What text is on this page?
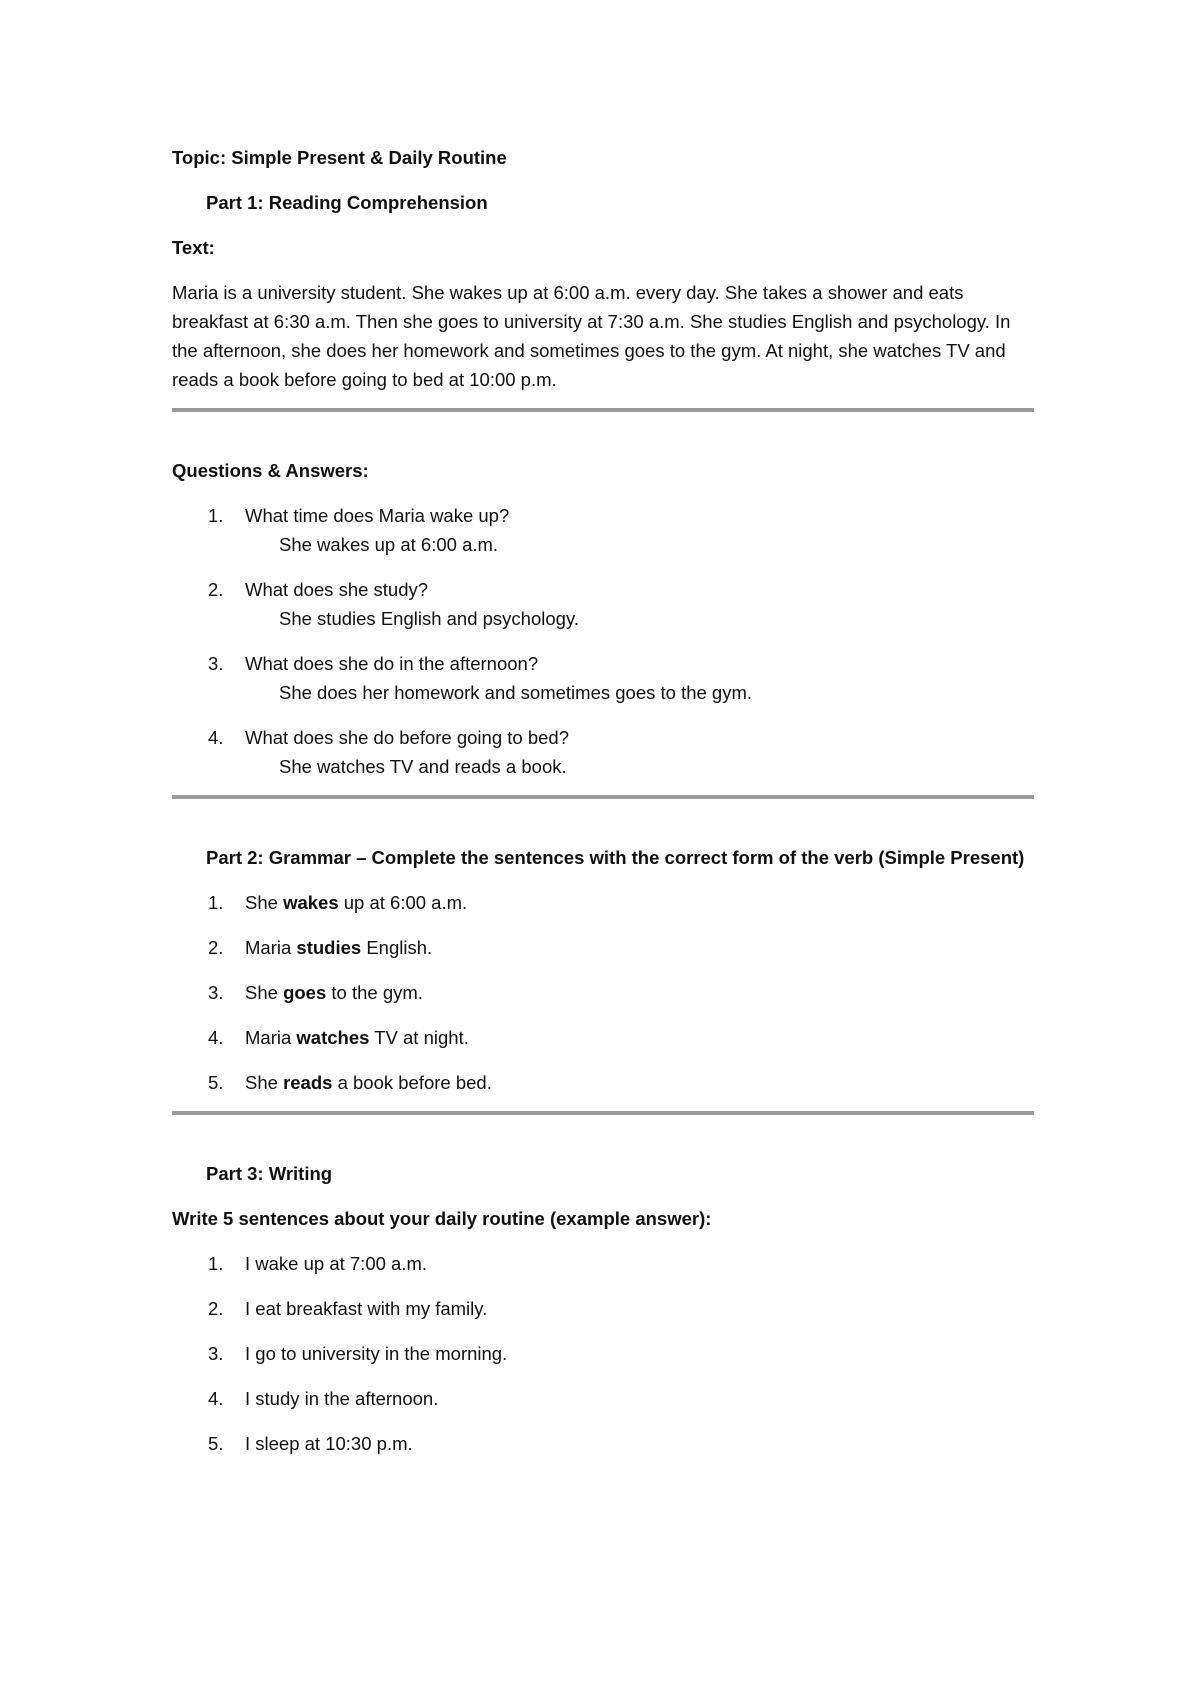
Topic: Simple Present & Daily Routine
Part 1: Reading Comprehension
Text:

Maria is a university student. She wakes up at 6:00 a.m. every day. She takes a shower and eats breakfast at 6:30 a.m. Then she goes to university at 7:30 a.m. She studies English and psychology. In the afternoon, she does her homework and sometimes goes to the gym. At night, she watches TV and reads a book before going to bed at 10:00 p.m.

Questions & Answers:
1. What time does Maria wake up?
She wakes up at 6:00 a.m.
2. What does she study?
She studies English and psychology.
3. What does she do in the afternoon?
She does her homework and sometimes goes to the gym.
4. What does she do before going to bed?
She watches TV and reads a book.
Part 2: Grammar – Complete the sentences with the correct form of the verb (Simple Present)
1. She wakes up at 6:00 a.m.
2. Maria studies English.
3. She goes to the gym.
4. Maria watches TV at night.
5. She reads a book before bed.
Part 3: Writing
Write 5 sentences about your daily routine (example answer):
1. I wake up at 7:00 a.m.
2. I eat breakfast with my family.
3. I go to university in the morning.
4. I study in the afternoon.
5. I sleep at 10:30 p.m.
